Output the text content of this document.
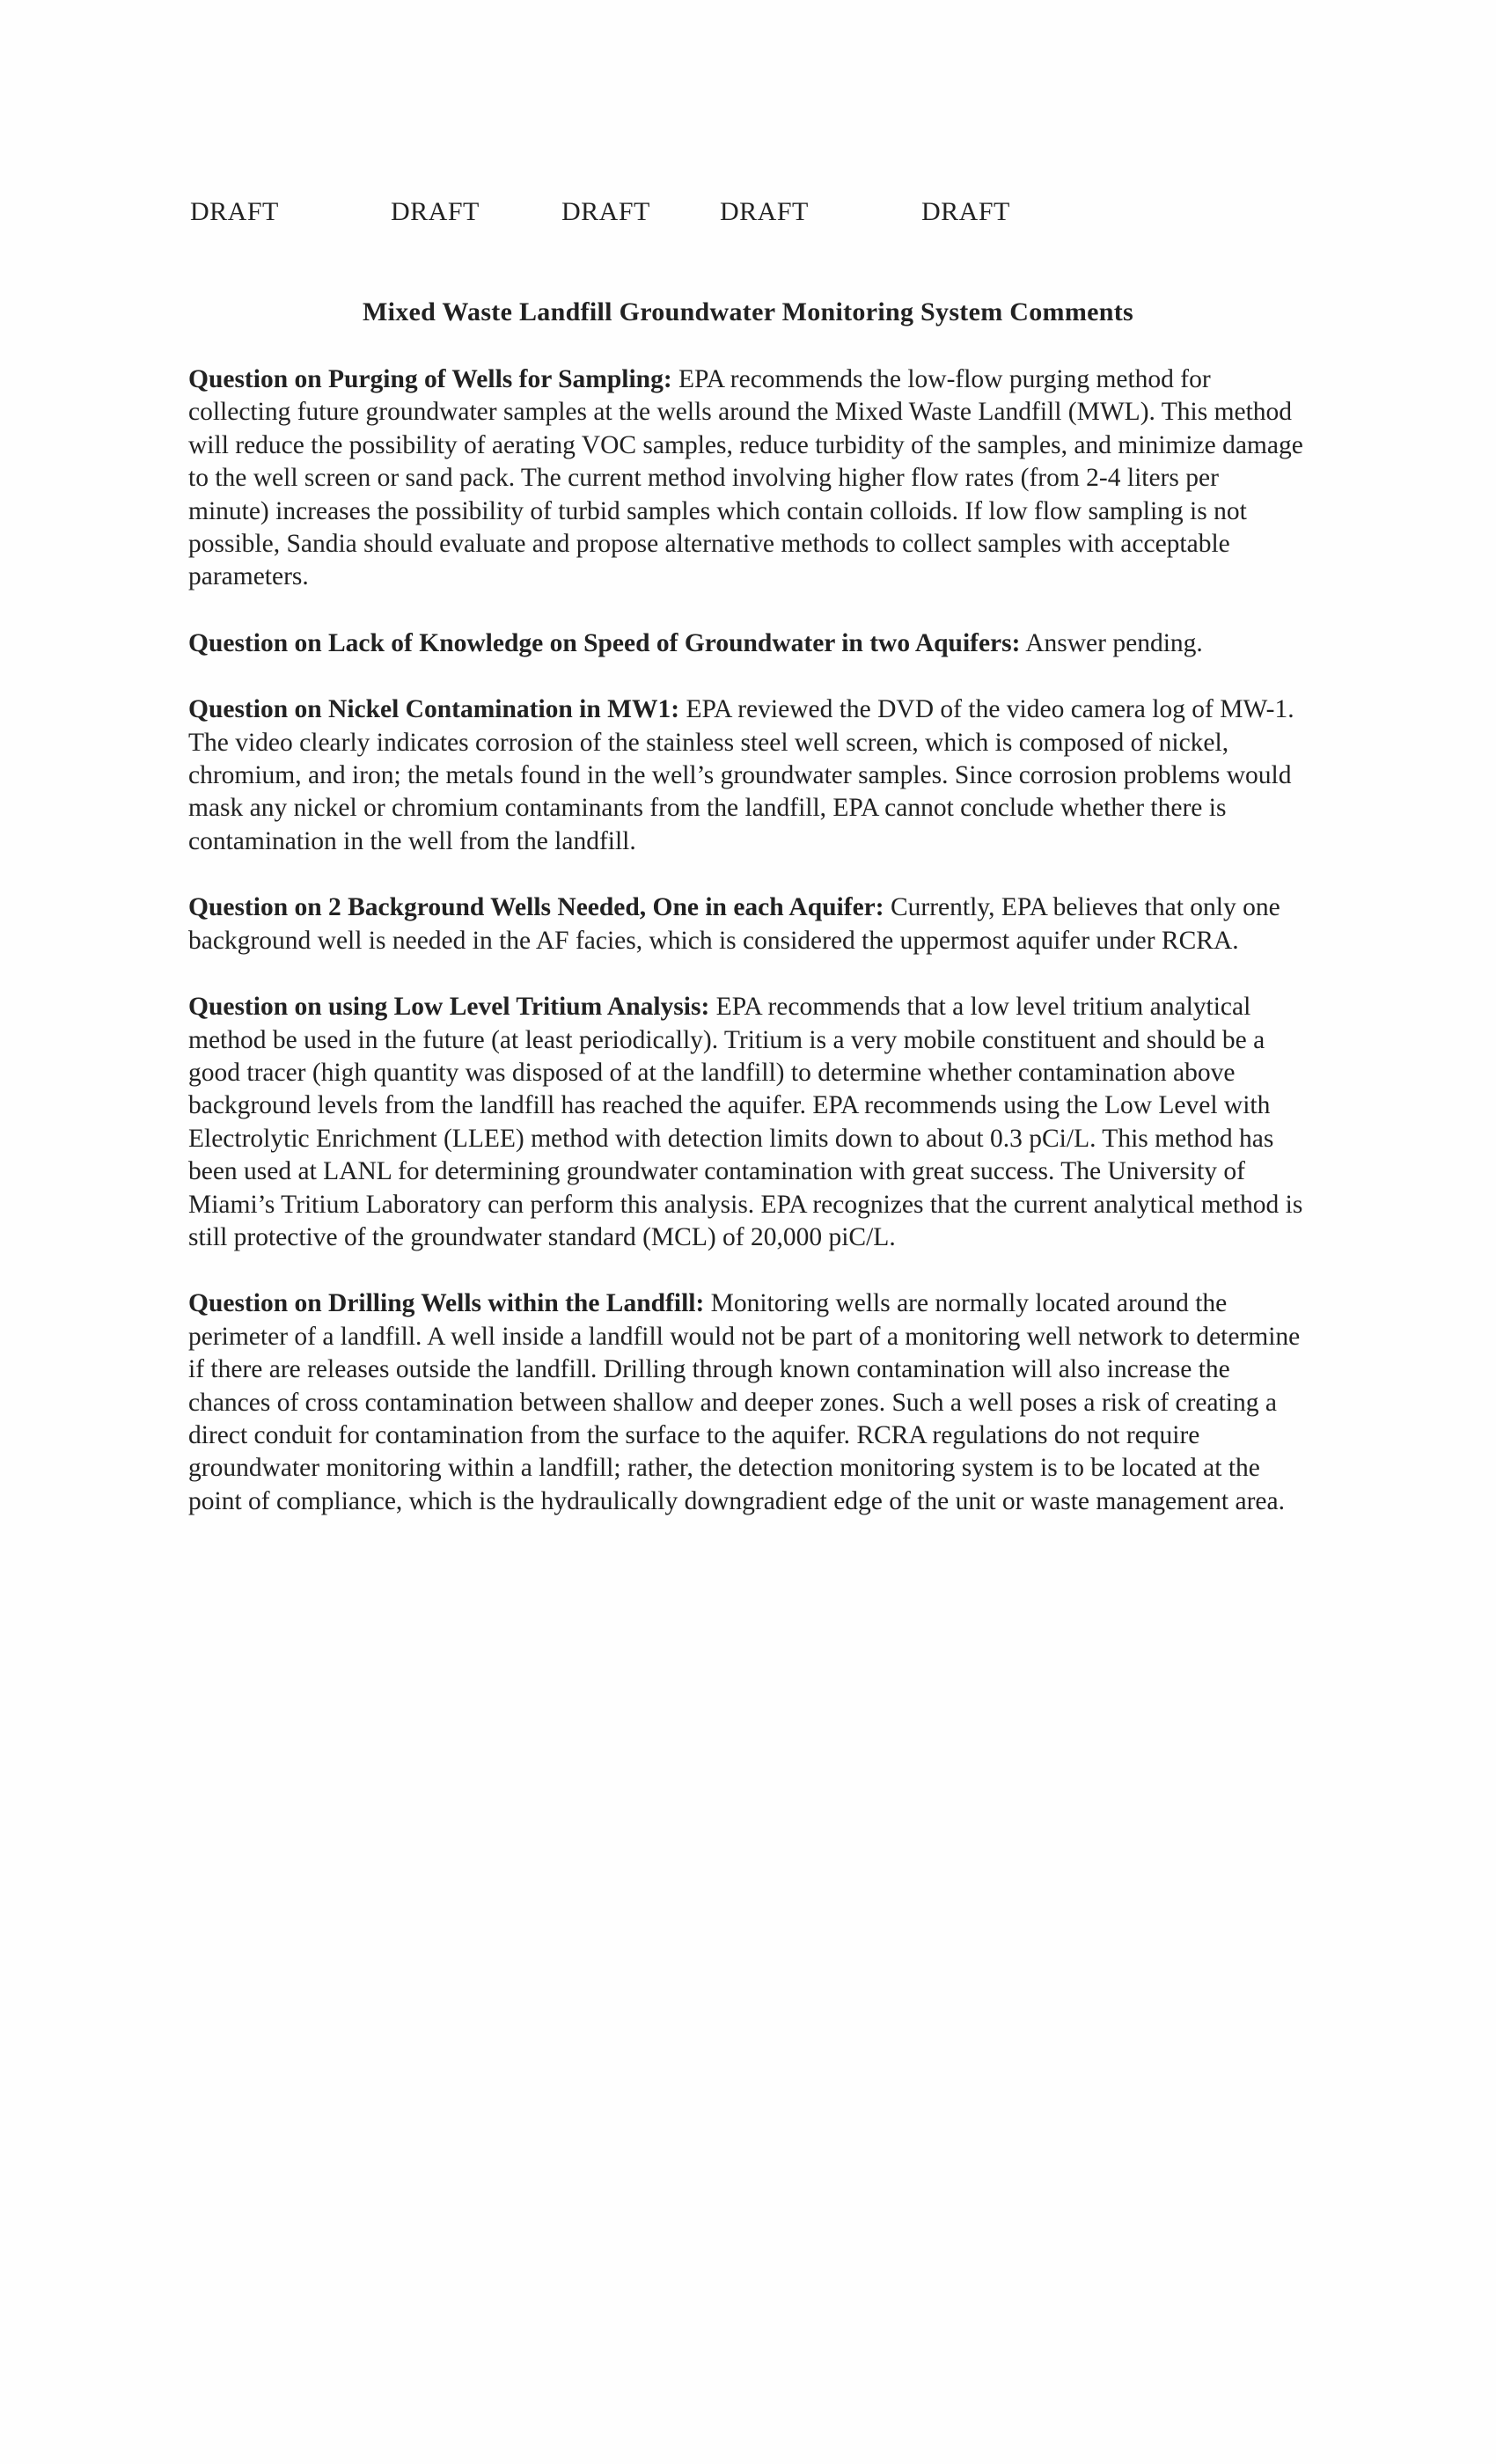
DRAFT	DRAFT	DRAFT	DRAFT	DRAFT
Mixed Waste Landfill Groundwater Monitoring System Comments

Question on Purging of Wells for Sampling: EPA recommends the low-flow purging method for collecting future groundwater samples at the wells around the Mixed Waste Landfill (MWL). This method will reduce the possibility of aerating VOC samples, reduce turbidity of the samples, and minimize damage to the well screen or sand pack. The current method involving higher flow rates (from 2-4 liters per minute) increases the possibility of turbid samples which contain colloids. If low flow sampling is not possible, Sandia should evaluate and propose alternative methods to collect samples with acceptable parameters.

Question on Lack of Knowledge on Speed of Groundwater in two Aquifers: Answer pending.

Question on Nickel Contamination in MW1: EPA reviewed the DVD of the video camera log of MW-1. The video clearly indicates corrosion of the stainless steel well screen, which is composed of nickel, chromium, and iron; the metals found in the well’s groundwater samples. Since corrosion problems would mask any nickel or chromium contaminants from the landfill, EPA cannot conclude whether there is contamination in the well from the landfill.

Question on 2 Background Wells Needed, One in each Aquifer: Currently, EPA believes that only one background well is needed in the AF facies, which is considered the uppermost aquifer under RCRA.

Question on using Low Level Tritium Analysis: EPA recommends that a low level tritium analytical method be used in the future (at least periodically). Tritium is a very mobile constituent and should be a good tracer (high quantity was disposed of at the landfill) to determine whether contamination above background levels from the landfill has reached the aquifer. EPA recommends using the Low Level with Electrolytic Enrichment (LLEE) method with detection limits down to about 0.3 pCi/L. This method has been used at LANL for determining groundwater contamination with great success. The University of Miami’s Tritium Laboratory can perform this analysis. EPA recognizes that the current analytical method is still protective of the groundwater standard (MCL) of 20,000 piC/L.

Question on Drilling Wells within the Landfill: Monitoring wells are normally located around the perimeter of a landfill. A well inside a landfill would not be part of a monitoring well network to determine if there are releases outside the landfill. Drilling through known contamination will also increase the chances of cross contamination between shallow and deeper zones. Such a well poses a risk of creating a direct conduit for contamination from the surface to the aquifer. RCRA regulations do not require groundwater monitoring within a landfill; rather, the detection monitoring system is to be located at the point of compliance, which is the hydraulically downgradient edge of the unit or waste management area.
